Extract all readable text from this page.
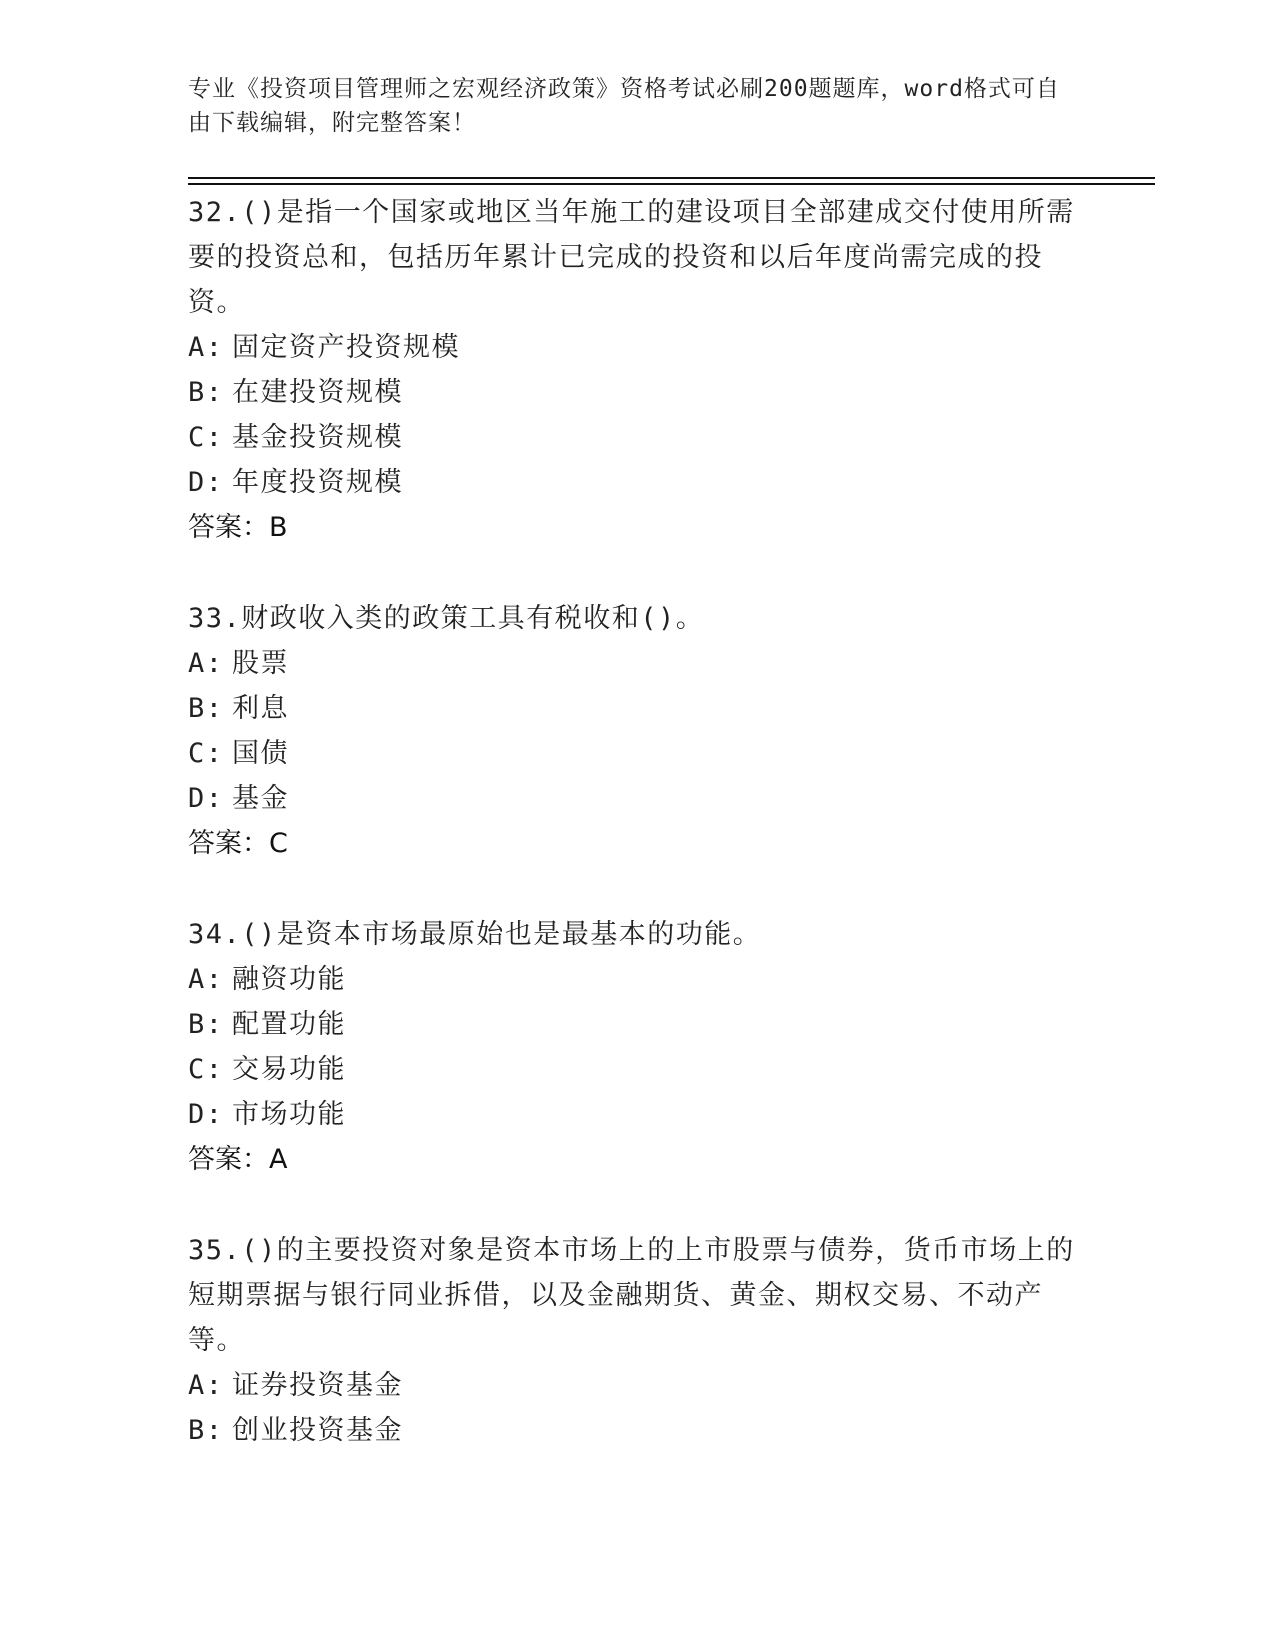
专业《投资项目管理师之宏观经济政策》资格考试必刷200题题库，word格式可自由下载编辑，附完整答案！

32.()是指一个国家或地区当年施工的建设项目全部建成交付使用所需要的投资总和，包括历年累计已完成的投资和以后年度尚需完成的投资。

A: 固定资产投资规模

B: 在建投资规模

C: 基金投资规模

D: 年度投资规模

答案：B

33.财政收入类的政策工具有税收和()。

A: 股票

B: 利息

C: 国债

D: 基金

答案：C

34.()是资本市场最原始也是最基本的功能。

A: 融资功能

B: 配置功能

C: 交易功能

D: 市场功能

答案：A

35.()的主要投资对象是资本市场上的上市股票与债券，货币市场上的短期票据与银行同业拆借，以及金融期货、黄金、期权交易、不动产等。

A: 证券投资基金

B: 创业投资基金
